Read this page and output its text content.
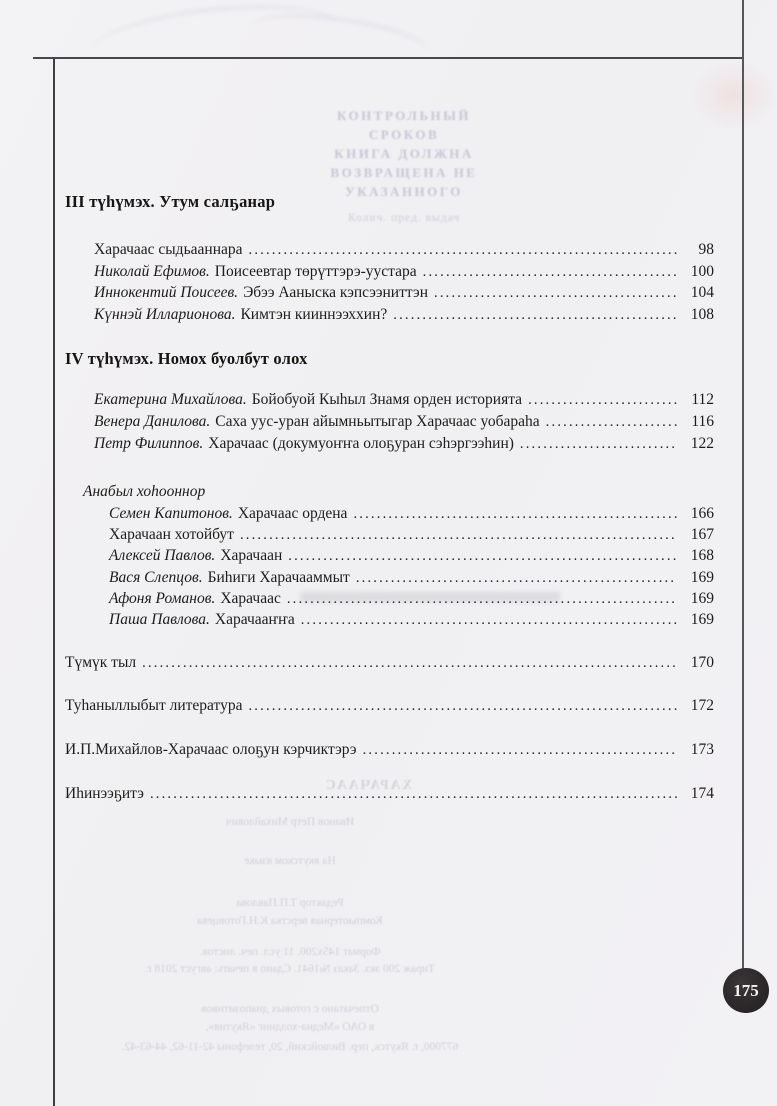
КОНТРОЛЬНЫЙ
СРОКОВ
КНИГА ДОЛЖНА
ВОЗВРАЩЕНА НЕ
УКАЗАННОГО
Колич. пред. выдач
III түһүмэх. Утум салҕанар
Харачаас сыдьааннара .....	98
Николай Ефимов. Поисеевтар төрүттэрэ-уустара .....	100
Иннокентий Поисеев. Эбээ Ааныска кэпсээниттэн .....	104
Күннэй Илларионова. Кимтэн кииннээххин? .....	108
IV түһүмэх. Номох буолбут олох
Екатерина Михайлова. Бойобуой Кыһыл Знамя орден историята .....	112
Венера Данилова. Саха уус-уран айымньытыгар Харачаас уобараһа .....	116
Петр Филиппов. Харачаас (докумуоҥҥа олоҕуран сэһэргээһин) .....	122
Анабыл хоһооннор
Семен Капитонов. Харачаас ордена .....	166
Харачаан хотойбут .....	167
Алексей Павлов. Харачаан .....	168
Вася Слепцов. Биһиги Харачааммыт .....	169
Афоня Романов. Харачаас .....	169
Паша Павлова. Харачааҥҥа .....	169
Түмүк тыл .....	170
Туһаныллыбыт литература .....	172
И.П.Михайлов-Харачаас олоҕун кэрчиктэрэ .....	173
Иһинээҕитэ .....	174
ХАРАЧААС
Иванов Петр Михайлович
На якутском языке
Редактор Т.П.Павлова
Компьютерная верстка К.Н.Готовцева
Формат 145х200. 11 усл. печ. листов.
Тираж 200 экз. Заказ №1641. Сдано в печать: август 2018 г.
Отпечатано с готовых диапозитивов
в ОАО «Медиа-холдинг «Якутия»,
677000, г. Якутск, пер. Вилюйский, 20, телефоны 42-11-62, 44-63-42.
175
